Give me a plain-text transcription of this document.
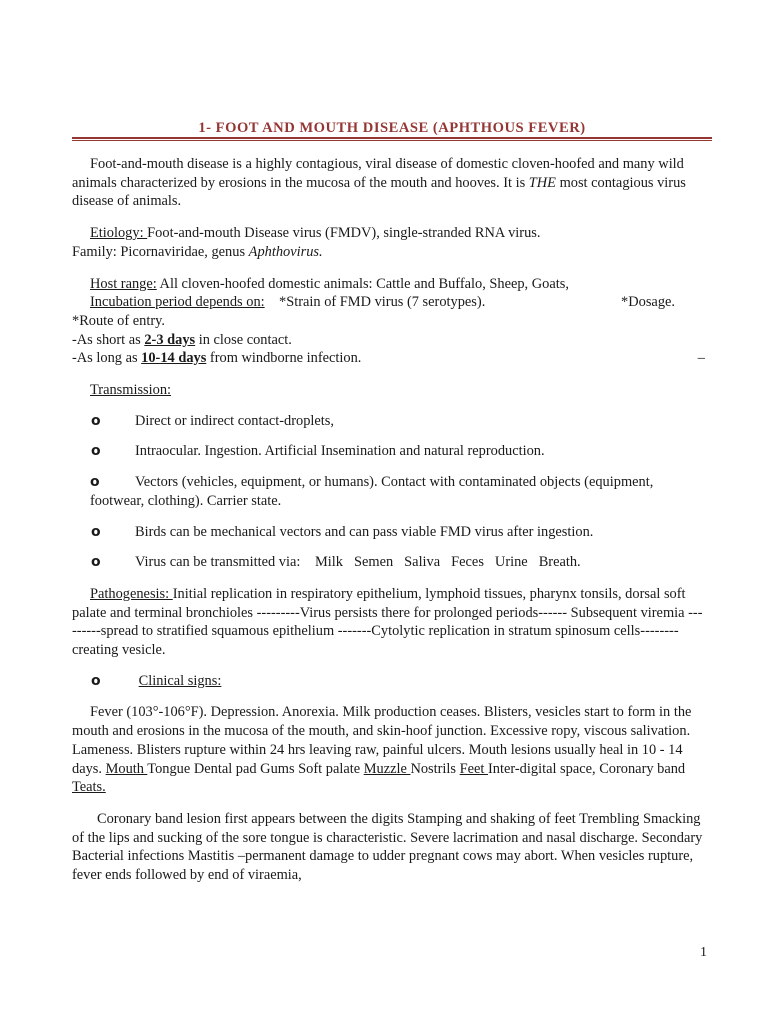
1- FOOT AND MOUTH DISEASE (APHTHOUS FEVER)

Foot-and-mouth disease is a highly contagious, viral disease of domestic cloven-hoofed and many wild animals characterized by erosions in the mucosa of the mouth and hooves. It is THE most contagious virus disease of animals.

Etiology: Foot-and-mouth Disease virus (FMDV), single-stranded RNA virus.

Family: Picornaviridae, genus Aphthovirus.

Host range: All cloven-hoofed domestic animals: Cattle and Buffalo, Sheep, Goats,

Incubation period depends on: *Strain of FMD virus (7 serotypes).	*Dosage.

*Route of entry.

-As short as 2-3 days in close contact.

-As long as 10-14 days from windborne infection.	–

Transmission:

o	Direct or indirect contact-droplets,
o	Intraocular. Ingestion. Artificial Insemination and natural reproduction.
o Vectors (vehicles, equipment, or humans). Contact with contaminated objects (equipment, footwear, clothing). Carrier state.
o	Birds can be mechanical vectors and can pass viable FMD virus after ingestion.
o	Virus can be transmitted via: Milk Semen Saliva Feces Urine Breath.

Pathogenesis: Initial replication in respiratory epithelium, lymphoid tissues, pharynx tonsils, dorsal soft palate and terminal bronchioles ---------Virus persists there for prolonged periods------ Subsequent viremia ---------spread to stratified squamous epithelium -------Cytolytic replication in stratum spinosum cells-------- creating vesicle.

o	Clinical signs:

Fever (103°-106°F). Depression. Anorexia. Milk production ceases. Blisters, vesicles start to form in the mouth and erosions in the mucosa of the mouth, and skin-hoof junction. Excessive ropy, viscous salivation. Lameness. Blisters rupture within 24 hrs leaving raw, painful ulcers. Mouth lesions usually heal in 10 - 14 days. Mouth Tongue Dental pad Gums Soft palate Muzzle Nostrils Feet Inter-digital space, Coronary band Teats.

Coronary band lesion first appears between the digits Stamping and shaking of feet Trembling Smacking of the lips and sucking of the sore tongue is characteristic. Severe lacrimation and nasal discharge. Secondary Bacterial infections Mastitis –permanent damage to udder pregnant cows may abort. When vesicles rupture, fever ends followed by end of viraemia,

1
